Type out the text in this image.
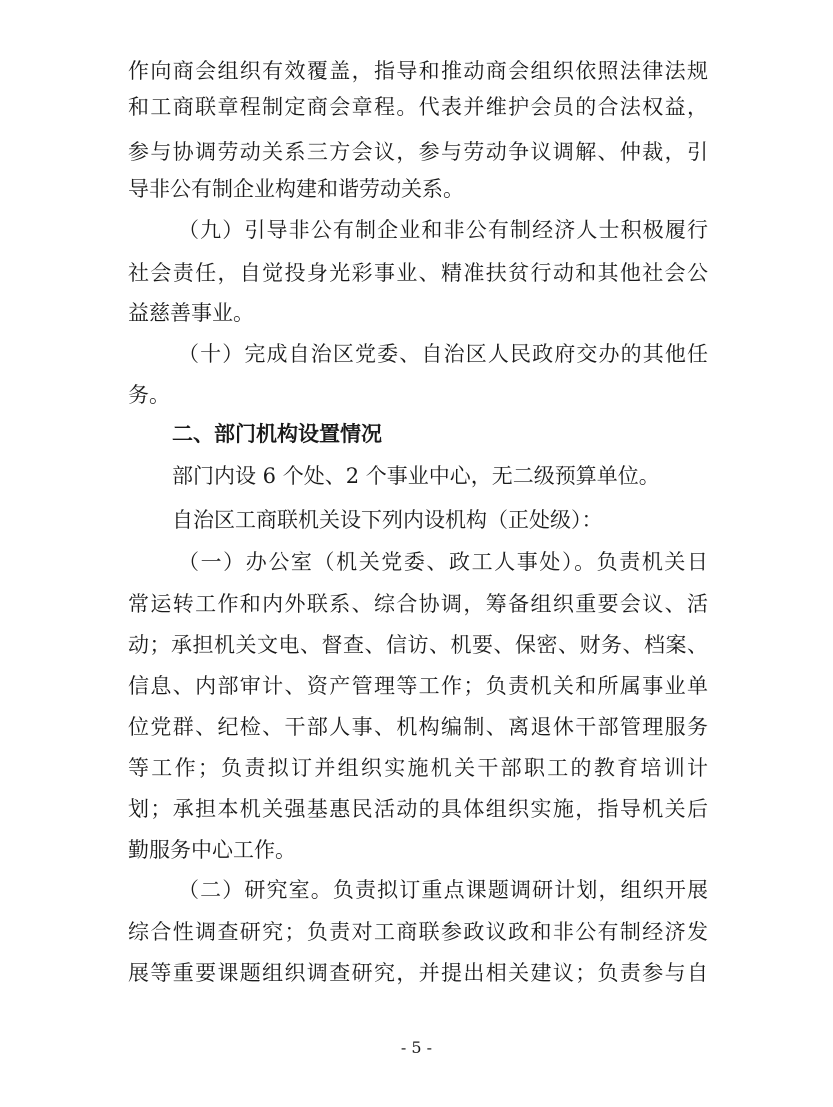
作向商会组织有效覆盖，指导和推动商会组织依照法律法规
和工商联章程制定商会章程。代表并维护会员的合法权益，
参与协调劳动关系三方会议，参与劳动争议调解、仲裁，引
导非公有制企业构建和谐劳动关系。
（九）引导非公有制企业和非公有制经济人士积极履行
社会责任，自觉投身光彩事业、精准扶贫行动和其他社会公
益慈善事业。
（十）完成自治区党委、自治区人民政府交办的其他任
务。
二、部门机构设置情况
部门内设 6 个处、2 个事业中心，无二级预算单位。
自治区工商联机关设下列内设机构（正处级）：
（一）办公室（机关党委、政工人事处）。负责机关日
常运转工作和内外联系、综合协调，筹备组织重要会议、活
动；承担机关文电、督查、信访、机要、保密、财务、档案、
信息、内部审计、资产管理等工作；负责机关和所属事业单
位党群、纪检、干部人事、机构编制、离退休干部管理服务
等工作；负责拟订并组织实施机关干部职工的教育培训计
划；承担本机关强基惠民活动的具体组织实施，指导机关后
勤服务中心工作。
（二）研究室。负责拟订重点课题调研计划，组织开展
综合性调查研究；负责对工商联参政议政和非公有制经济发
展等重要课题组织调查研究，并提出相关建议；负责参与自
- 5 -
